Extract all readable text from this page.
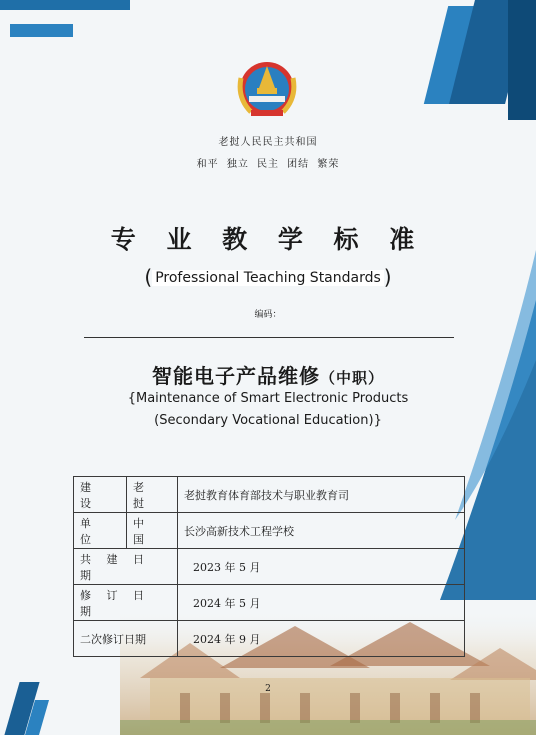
老挝人民民主共和国
和平 独立 民主 团结 繁荣
专 业 教 学 标 准
( Professional Teaching Standards )
编码：
智能电子产品维修（中职）
{Maintenance of Smart Electronic Products (Secondary Vocational Education)}
建 设	老 挝	老挝教育体育部技术与职业教育司
单 位	中 国	长沙高新技术工程学校
共 建 日 期		2023 年 5 月
修 订 日 期		2024 年 5 月
二次修订日期		2024 年 9 月
2
